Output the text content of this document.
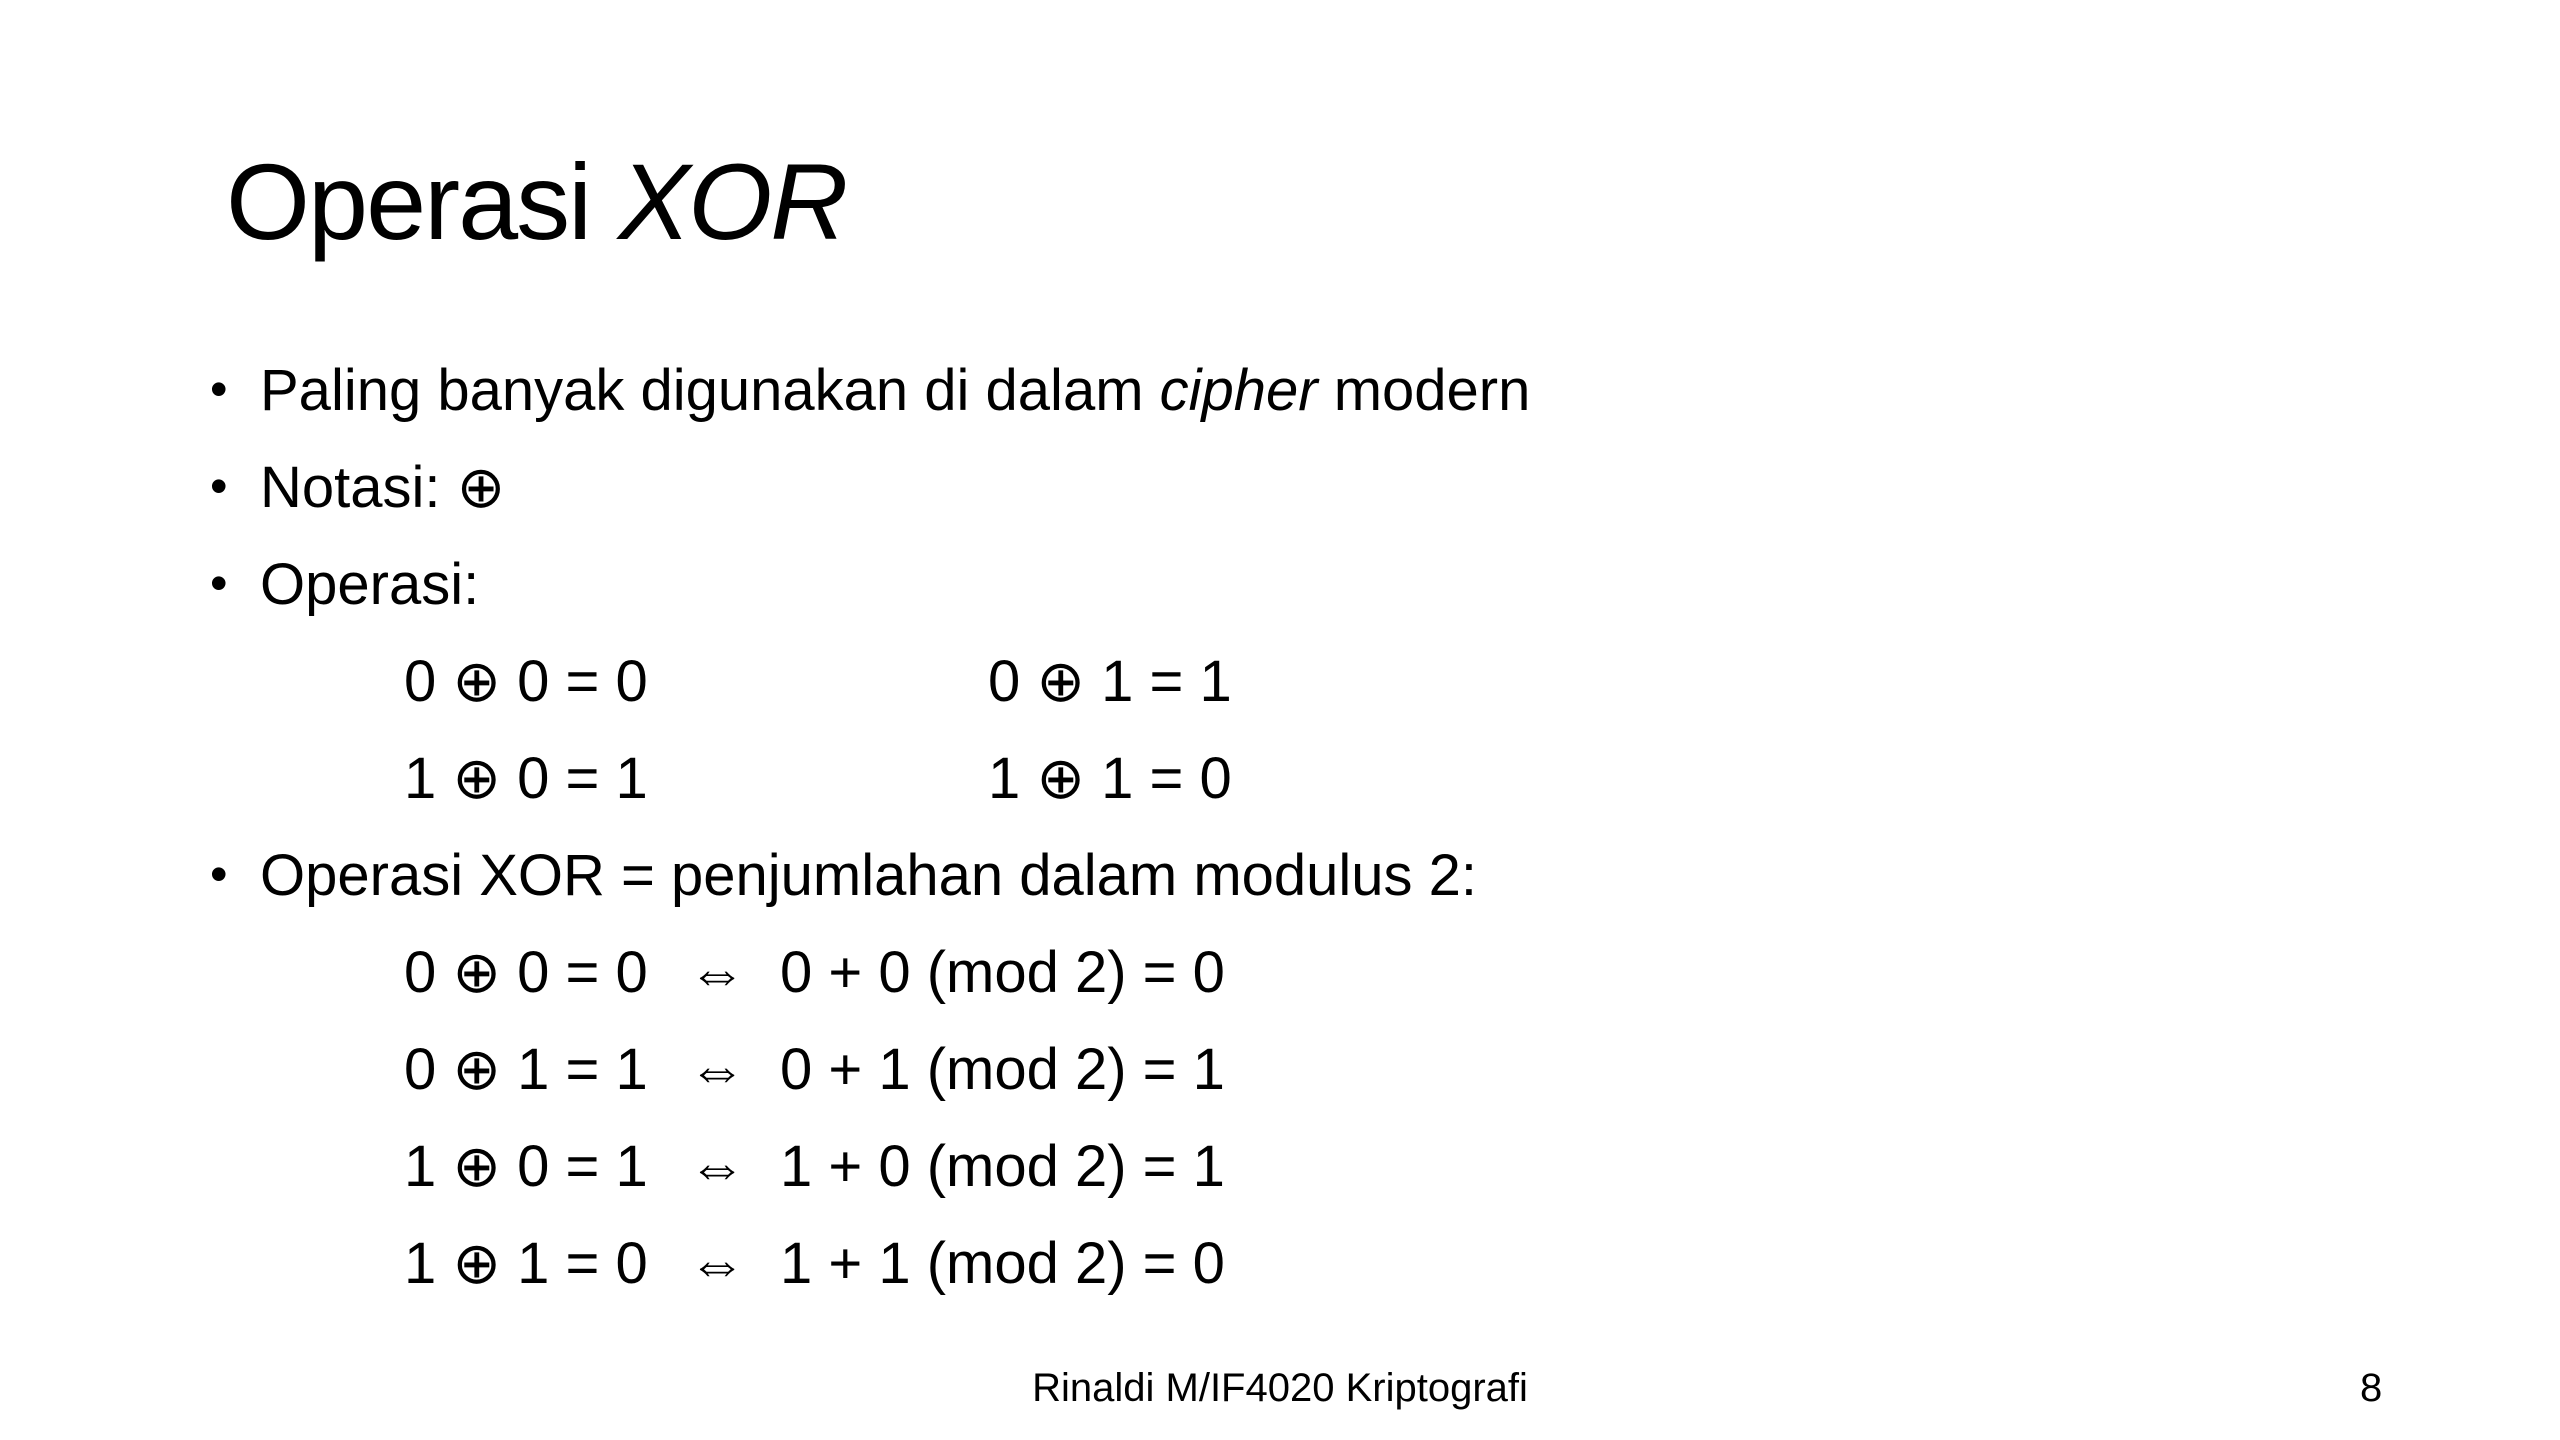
Operasi XOR
• Paling banyak digunakan di dalam cipher modern
• Notasi: ⊕
• Operasi:
0 ⊕ 0 = 0	0 ⊕ 1 = 1
1 ⊕ 0 = 1	1 ⊕ 1 = 0
• Operasi XOR = penjumlahan dalam modulus 2:
0 ⊕ 0 = 0 ⇔ 0 + 0 (mod 2) = 0
0 ⊕ 1 = 1 ⇔ 0 + 1 (mod 2) = 1
1 ⊕ 0 = 1 ⇔ 1 + 0 (mod 2) = 1
1 ⊕ 1 = 0 ⇔ 1 + 1 (mod 2) = 0
Rinaldi M/IF4020 Kriptografi	8
